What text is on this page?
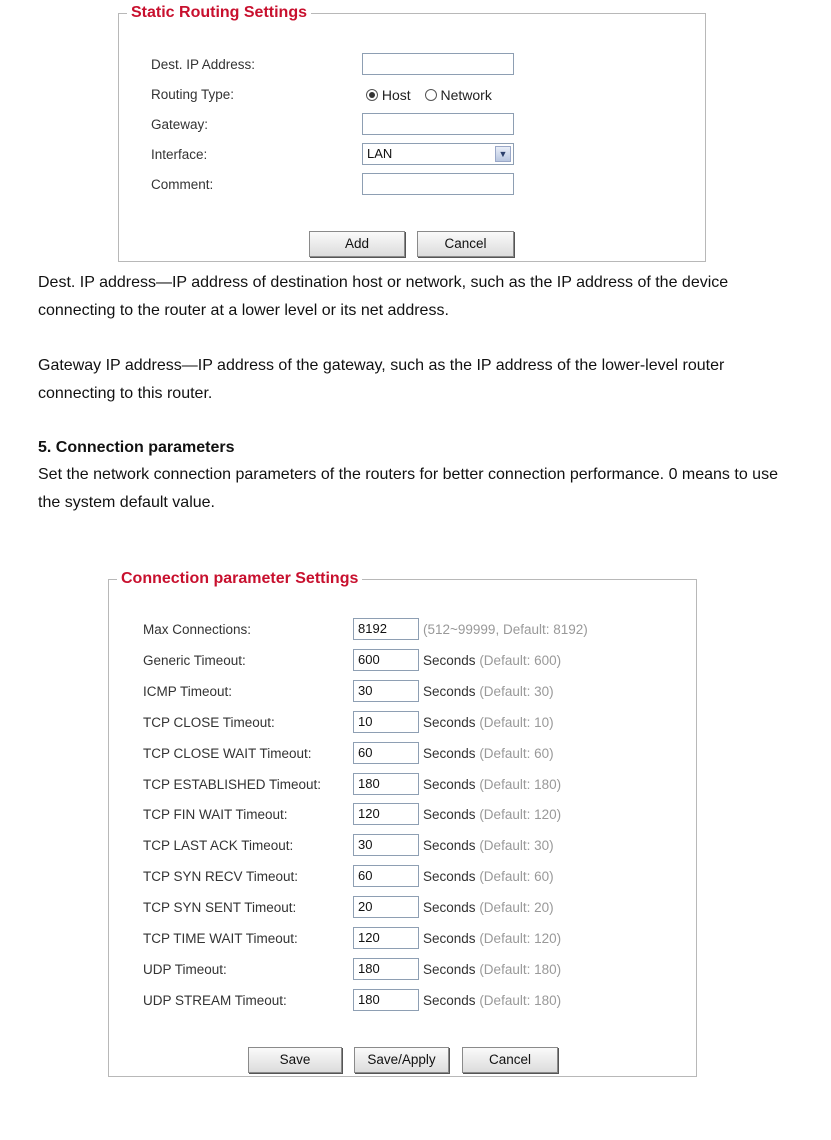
Static Routing Settings
Dest. IP Address:
Routing Type:	Host Network
Gateway:
Interface:	LAN	▼
Comment:
Add	Cancel
Dest. IP address—IP address of destination host or network, such as the IP address of the device connecting to the router at a lower level or its net address.
Gateway IP address—IP address of the gateway, such as the IP address of the lower-level router connecting to this router.
5. Connection parameters
Set the network connection parameters of the routers for better connection performance. 0 means to use the system default value.
Connection parameter Settings
Max Connections:	8192	(512~99999, Default: 8192)
Generic Timeout:	600	Seconds (Default: 600)
ICMP Timeout:	30	Seconds (Default: 30)
TCP CLOSE Timeout:	10	Seconds (Default: 10)
TCP CLOSE WAIT Timeout:	60	Seconds (Default: 60)
TCP ESTABLISHED Timeout:	180	Seconds (Default: 180)
TCP FIN WAIT Timeout:	120	Seconds (Default: 120)
TCP LAST ACK Timeout:	30	Seconds (Default: 30)
TCP SYN RECV Timeout:	60	Seconds (Default: 60)
TCP SYN SENT Timeout:	20	Seconds (Default: 20)
TCP TIME WAIT Timeout:	120	Seconds (Default: 120)
UDP Timeout:	180	Seconds (Default: 180)
UDP STREAM Timeout:	180	Seconds (Default: 180)
Save	Save/Apply	Cancel
